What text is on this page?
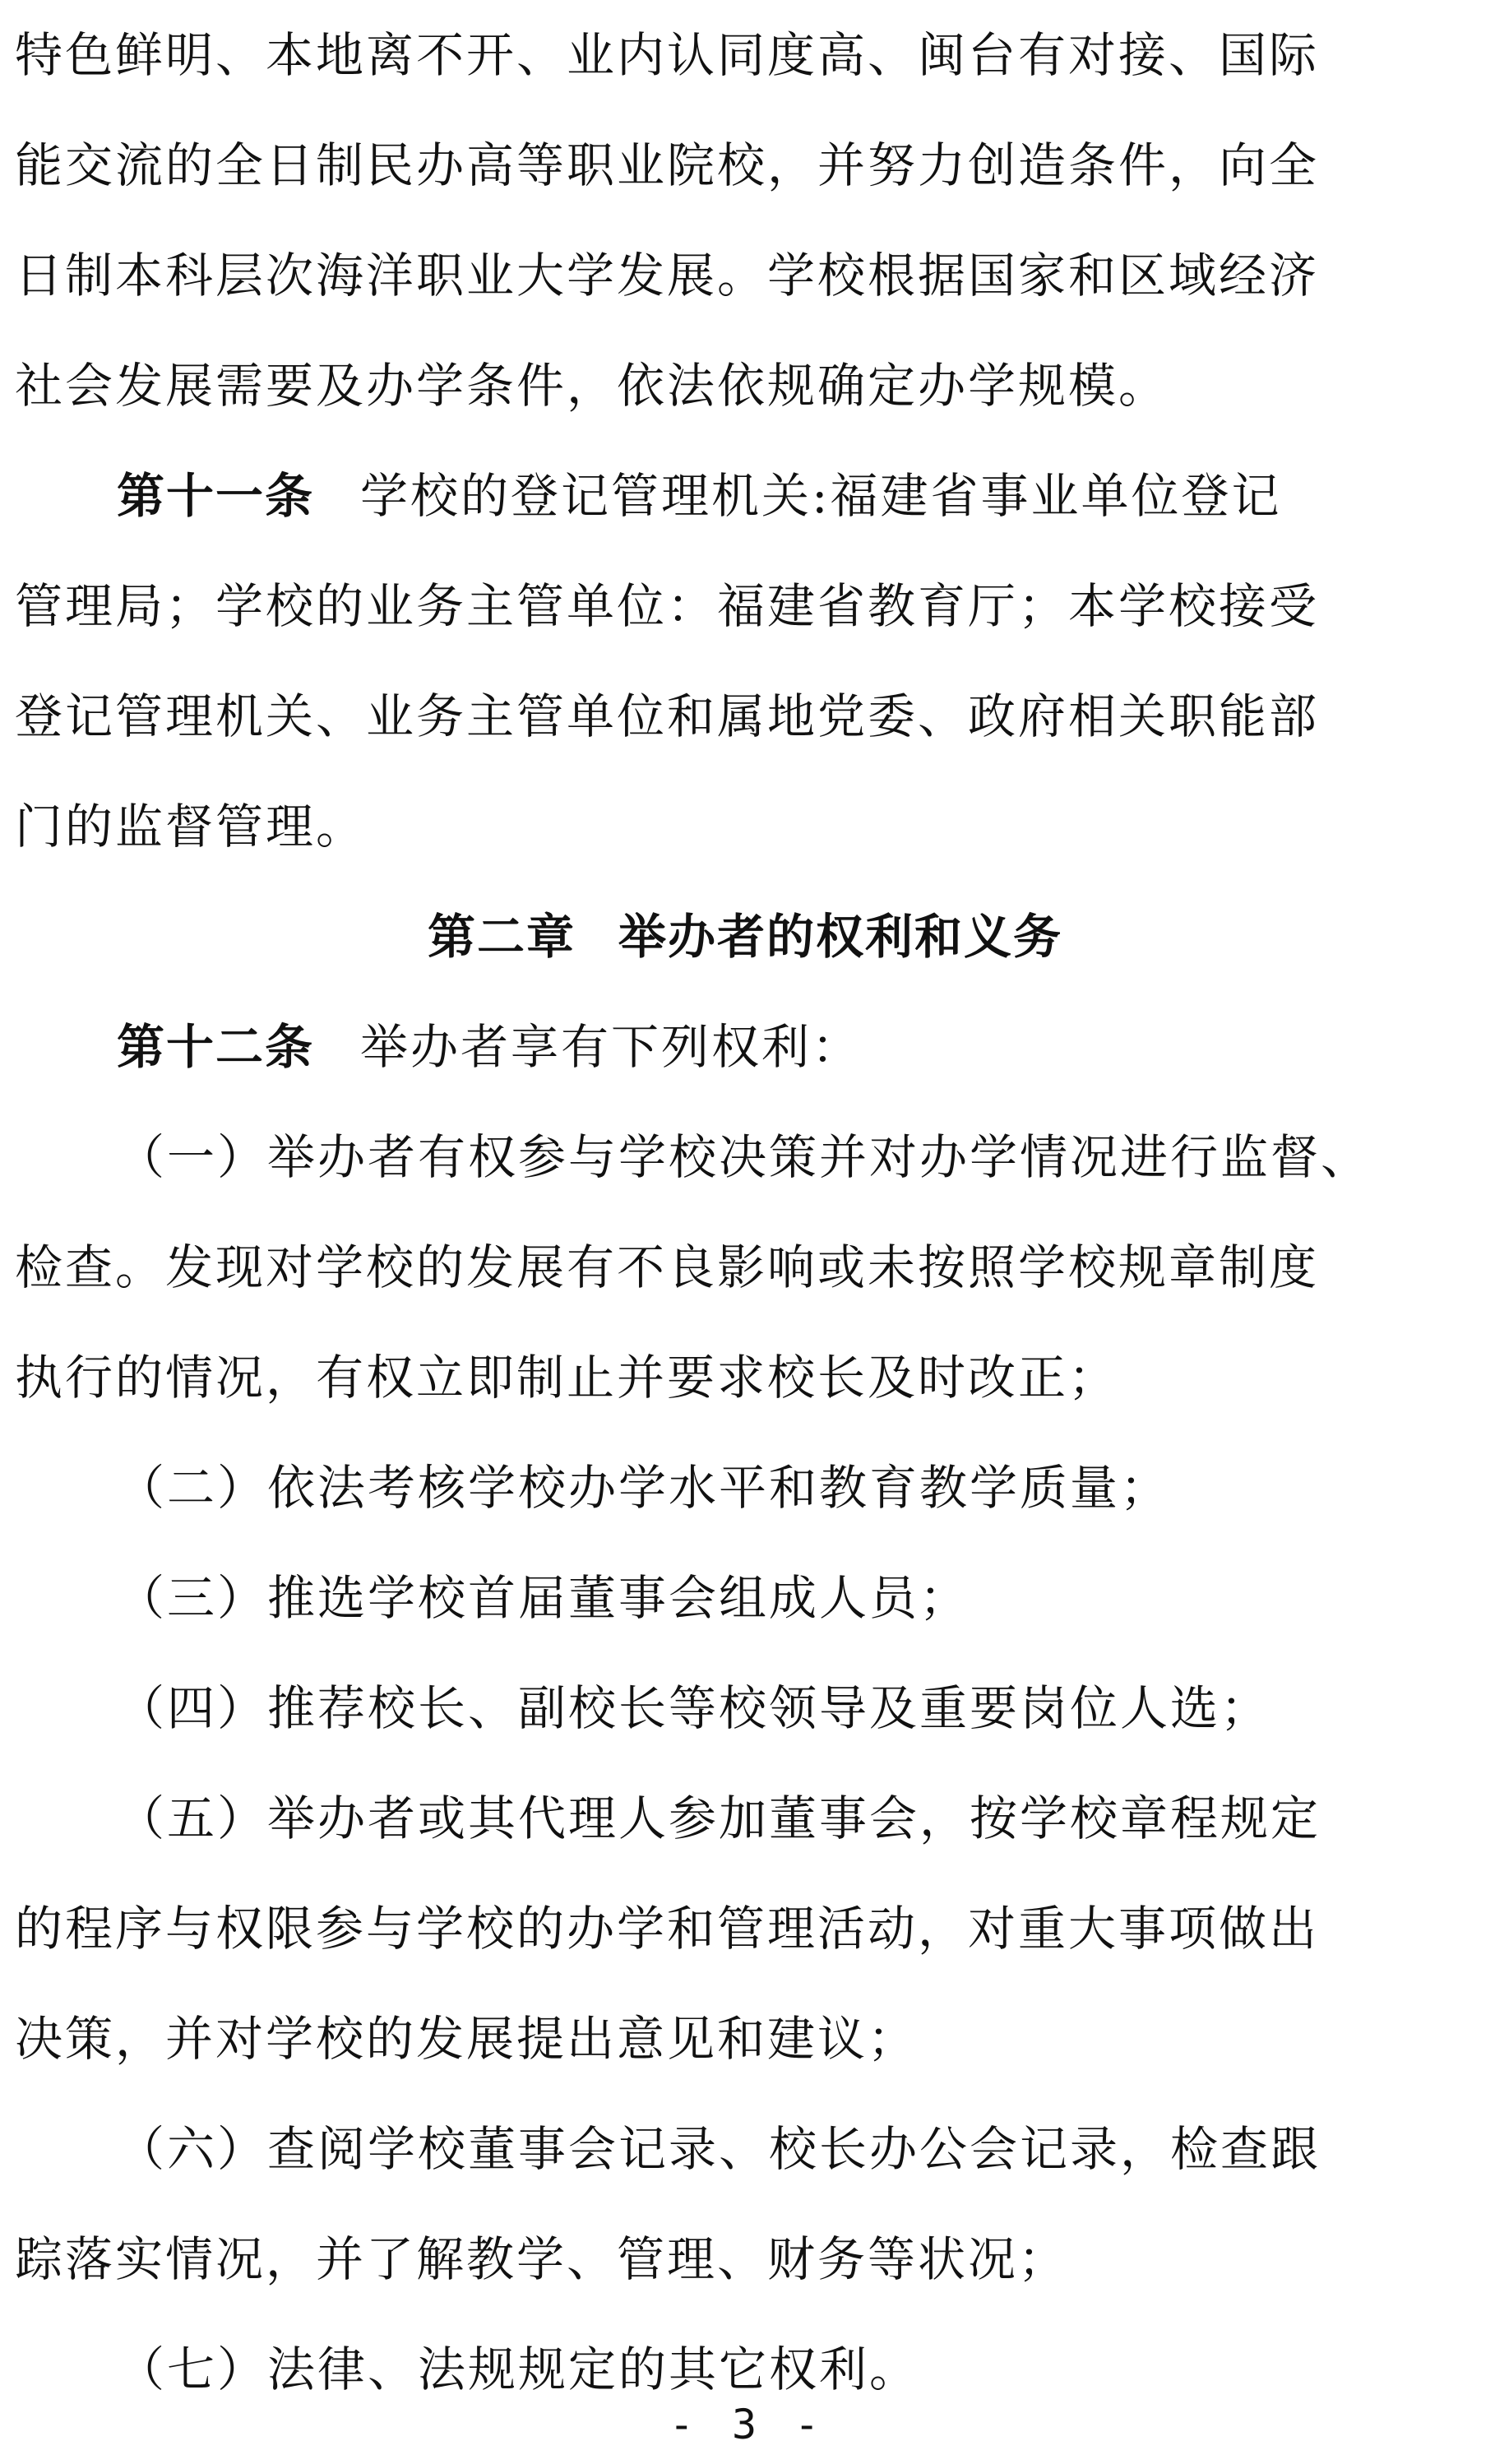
特色鲜明、本地离不开、业内认同度高、闽台有对接、国际
能交流的全日制民办高等职业院校，并努力创造条件，向全
日制本科层次海洋职业大学发展。学校根据国家和区域经济
社会发展需要及办学条件，依法依规确定办学规模。
第十一条 学校的登记管理机关:福建省事业单位登记
管理局；学校的业务主管单位：福建省教育厅；本学校接受
登记管理机关、业务主管单位和属地党委、政府相关职能部
门的监督管理。
第二章 举办者的权利和义务
第十二条 举办者享有下列权利：
（一）举办者有权参与学校决策并对办学情况进行监督、
检查。发现对学校的发展有不良影响或未按照学校规章制度
执行的情况，有权立即制止并要求校长及时改正；
（二）依法考核学校办学水平和教育教学质量；
（三）推选学校首届董事会组成人员；
（四）推荐校长、副校长等校领导及重要岗位人选；
（五）举办者或其代理人参加董事会，按学校章程规定
的程序与权限参与学校的办学和管理活动，对重大事项做出
决策，并对学校的发展提出意见和建议；
（六）查阅学校董事会记录、校长办公会记录，检查跟
踪落实情况，并了解教学、管理、财务等状况；
（七）法律、法规规定的其它权利。
- 3 -
